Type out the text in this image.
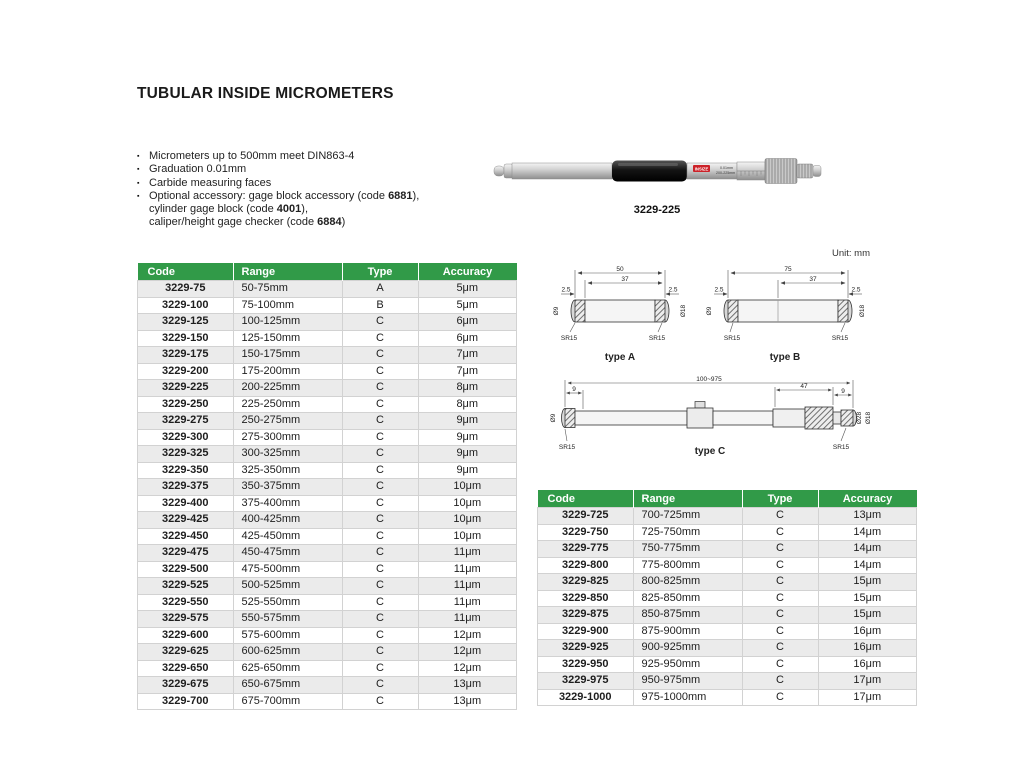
TUBULAR INSIDE MICROMETERS
▪ Micrometers up to 500mm meet DIN863-4
▪ Graduation 0.01mm
▪ Carbide measuring faces
▪ Optional accessory: gage block accessory (code 6881),
cylinder gage block (code 4001),
caliper/height gage checker (code 6884)
INSIZE	0.01mm
200-225mm
3229-225
Unit: mm
50
37
2.5	2.5
Ø9	Ø18
SR15	SR15
type A
75
37
2.5	2.5
Ø9	Ø18
SR15	SR15
type B
100~975
9	47
9
Ø9	Ø28 Ø18
SR15	SR15
type C
Code	Range	Type	Accuracy
3229-75	50-75mm	A	5μm
3229-100	75-100mm	B	5μm
3229-125	100-125mm	C	6μm
3229-150	125-150mm	C	6μm
3229-175	150-175mm	C	7μm
3229-200	175-200mm	C	7μm
3229-225	200-225mm	C	8μm
3229-250	225-250mm	C	8μm
3229-275	250-275mm	C	9μm
3229-300	275-300mm	C	9μm
3229-325	300-325mm	C	9μm
3229-350	325-350mm	C	9μm
3229-375	350-375mm	C	10μm
3229-400	375-400mm	C	10μm
3229-425	400-425mm	C	10μm
3229-450	425-450mm	C	10μm
3229-475	450-475mm	C	11μm
3229-500	475-500mm	C	11μm
3229-525	500-525mm	C	11μm
3229-550	525-550mm	C	11μm
3229-575	550-575mm	C	11μm
3229-600	575-600mm	C	12μm
3229-625	600-625mm	C	12μm
3229-650	625-650mm	C	12μm
3229-675	650-675mm	C	13μm
3229-700	675-700mm	C	13μm
Code	Range	Type	Accuracy
3229-725	700-725mm	C	13μm
3229-750	725-750mm	C	14μm
3229-775	750-775mm	C	14μm
3229-800	775-800mm	C	14μm
3229-825	800-825mm	C	15μm
3229-850	825-850mm	C	15μm
3229-875	850-875mm	C	15μm
3229-900	875-900mm	C	16μm
3229-925	900-925mm	C	16μm
3229-950	925-950mm	C	16μm
3229-975	950-975mm	C	17μm
3229-1000	975-1000mm	C	17μm
